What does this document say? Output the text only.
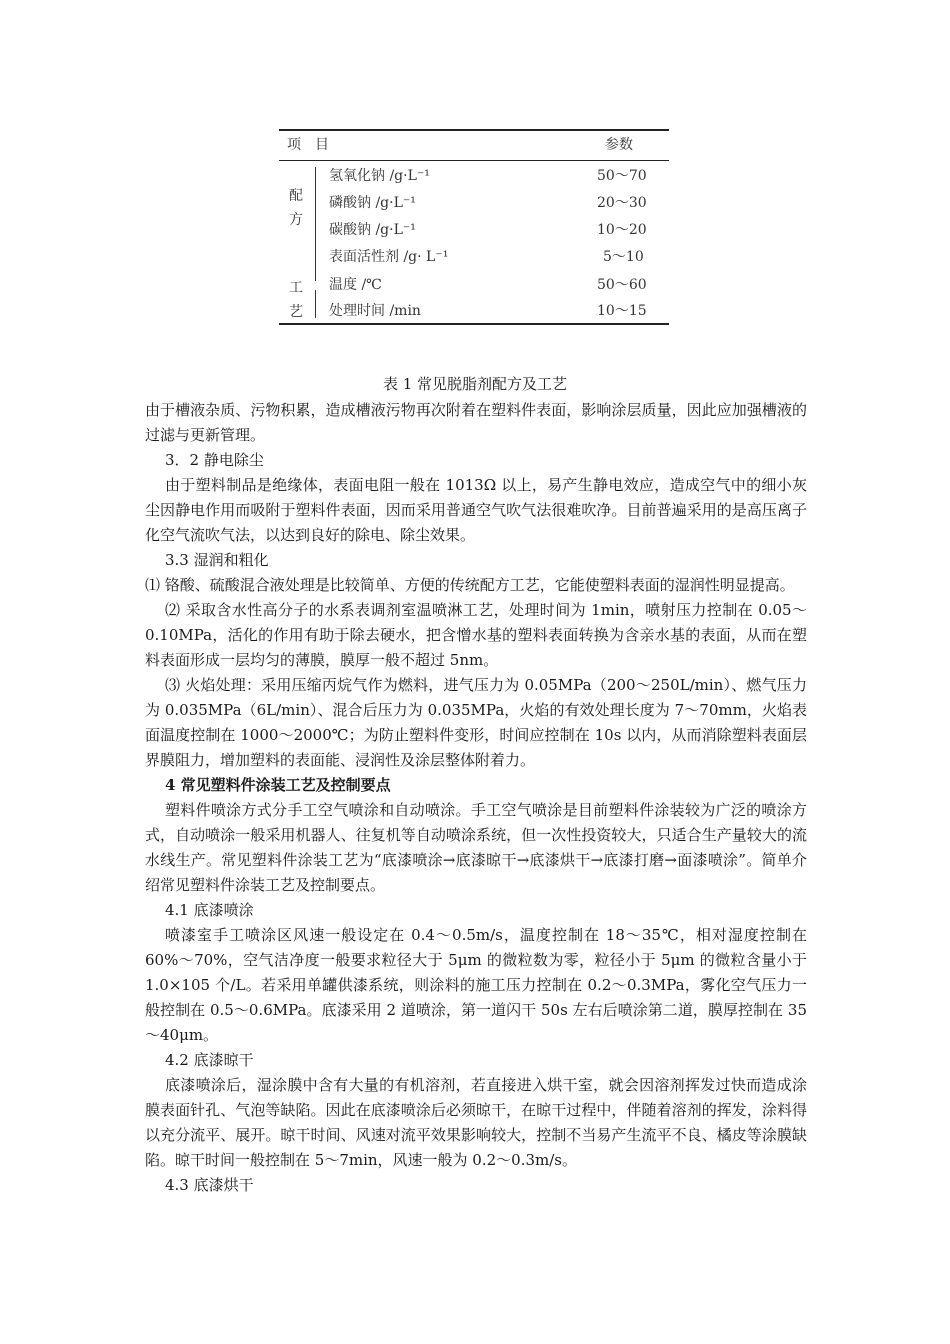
项　目	参数
配
方
氢氧化钠 /g·L⁻¹	50～70
磷酸钠 /g·L⁻¹	20～30
碳酸钠 /g·L⁻¹	10～20
表面活性剂 /g· L⁻¹	5～10
工
艺
温度 /℃	50～60
处理时间 /min	10～15
表 1 常见脱脂剂配方及工艺

由于槽液杂质、污物积累，造成槽液污物再次附着在塑料件表面，影响涂层质量，因此应加强槽液的过滤与更新管理。

3．2 静电除尘

由于塑料制品是绝缘体，表面电阻一般在 1013Ω 以上，易产生静电效应，造成空气中的细小灰尘因静电作用而吸附于塑料件表面，因而采用普通空气吹气法很难吹净。目前普遍采用的是高压离子化空气流吹气法，以达到良好的除电、除尘效果。

3.3 湿润和粗化

⑴ 铬酸、硫酸混合液处理是比较简单、方便的传统配方工艺，它能使塑料表面的湿润性明显提高。

⑵ 采取含水性高分子的水系表调剂室温喷淋工艺，处理时间为 1min，喷射压力控制在 0.05～0.10MPa，活化的作用有助于除去硬水，把含憎水基的塑料表面转换为含亲水基的表面，从而在塑料表面形成一层均匀的薄膜，膜厚一般不超过 5nm。

⑶ 火焰处理：采用压缩丙烷气作为燃料，进气压力为 0.05MPa（200～250L/min）、燃气压力为 0.035MPa（6L/min）、混合后压力为 0.035MPa，火焰的有效处理长度为 7～70mm，火焰表面温度控制在 1000～2000℃；为防止塑料件变形，时间应控制在 10s 以内，从而消除塑料表面层界膜阻力，增加塑料的表面能、浸润性及涂层整体附着力。

4 常见塑料件涂装工艺及控制要点

塑料件喷涂方式分手工空气喷涂和自动喷涂。手工空气喷涂是目前塑料件涂装较为广泛的喷涂方式，自动喷涂一般采用机器人、往复机等自动喷涂系统，但一次性投资较大，只适合生产量较大的流水线生产。常见塑料件涂装工艺为“底漆喷涂→底漆晾干→底漆烘干→底漆打磨→面漆喷涂”。简单介绍常见塑料件涂装工艺及控制要点。

4.1 底漆喷涂

喷漆室手工喷涂区风速一般设定在 0.4～0.5m/s，温度控制在 18～35℃，相对湿度控制在 60%～70%，空气洁净度一般要求粒径大于 5μm 的微粒数为零，粒径小于 5μm 的微粒含量小于 1.0×105 个/L。若采用单罐供漆系统，则涂料的施工压力控制在 0.2～0.3MPa，雾化空气压力一般控制在 0.5～0.6MPa。底漆采用 2 道喷涂，第一道闪干 50s 左右后喷涂第二道，膜厚控制在 35～40μm。

4.2 底漆晾干

底漆喷涂后，湿涂膜中含有大量的有机溶剂，若直接进入烘干室，就会因溶剂挥发过快而造成涂膜表面针孔、气泡等缺陷。因此在底漆喷涂后必须晾干，在晾干过程中，伴随着溶剂的挥发，涂料得以充分流平、展开。晾干时间、风速对流平效果影响较大，控制不当易产生流平不良、橘皮等涂膜缺陷。晾干时间一般控制在 5～7min，风速一般为 0.2～0.3m/s。

4.3 底漆烘干
